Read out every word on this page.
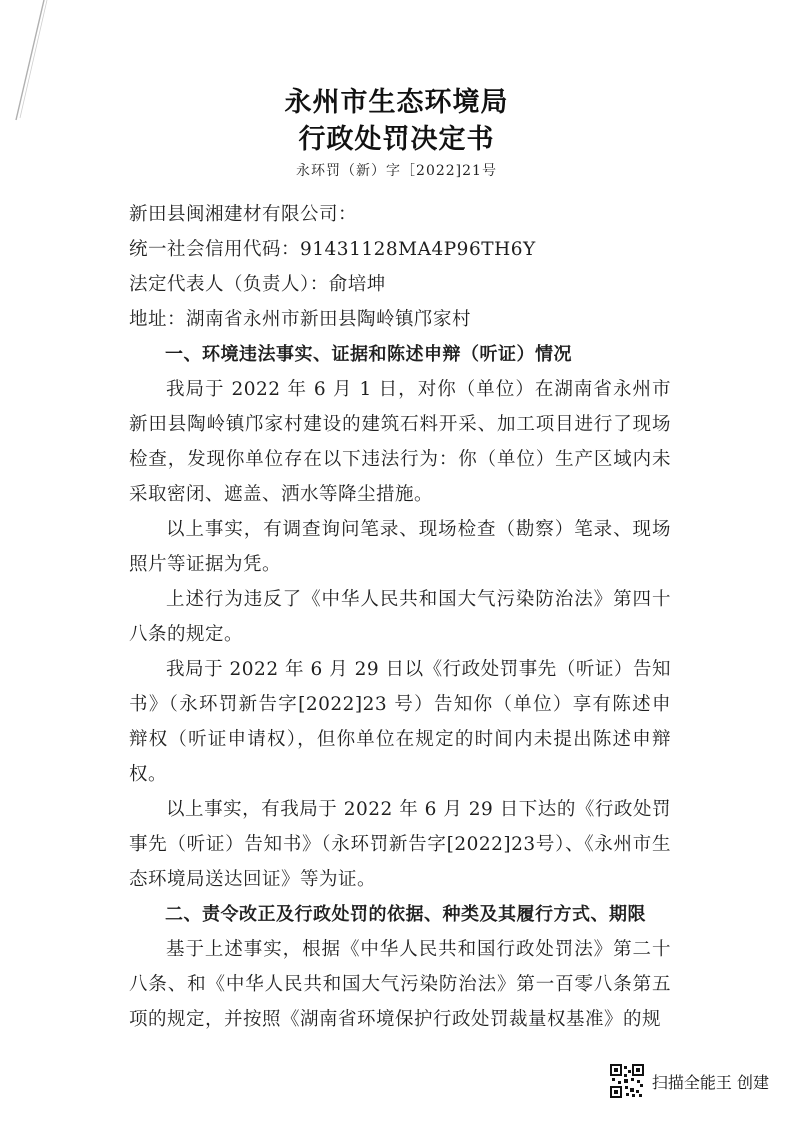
永州市生态环境局
行政处罚决定书
永环罚（新）字［2022]21号
新田县闽湘建材有限公司：
统一社会信用代码：91431128MA4P96TH6Y
法定代表人（负责人）：俞培坤
地址：湖南省永州市新田县陶岭镇邝家村

一、环境违法事实、证据和陈述申辩（听证）情况

我局于 2022 年 6 月 1 日，对你（单位）在湖南省永州市新田县陶岭镇邝家村建设的建筑石料开采、加工项目进行了现场检查，发现你单位存在以下违法行为：你（单位）生产区域内未采取密闭、遮盖、洒水等降尘措施。

以上事实，有调查询问笔录、现场检查（勘察）笔录、现场照片等证据为凭。

上述行为违反了《中华人民共和国大气污染防治法》第四十八条的规定。

我局于 2022 年 6 月 29 日以《行政处罚事先（听证）告知书》（永环罚新告字[2022]23 号）告知你（单位）享有陈述申辩权（听证申请权），但你单位在规定的时间内未提出陈述申辩权。

以上事实，有我局于 2022 年 6 月 29 日下达的《行政处罚事先（听证）告知书》（永环罚新告字[2022]23号）、《永州市生态环境局送达回证》等为证。

二、责令改正及行政处罚的依据、种类及其履行方式、期限

基于上述事实，根据《中华人民共和国行政处罚法》第二十八条、和《中华人民共和国大气污染防治法》第一百零八条第五项的规定，并按照《湖南省环境保护行政处罚裁量权基准》的规

扫描全能王 创建
